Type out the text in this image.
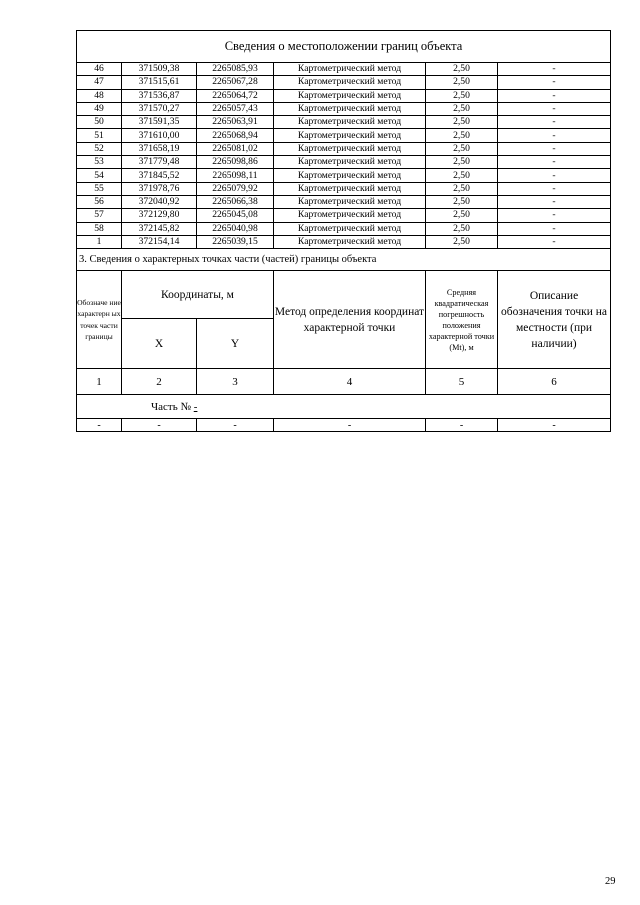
Сведения о местоположении границ объекта					
46	371509,38	2265085,93	Картометрический метод	2,50	-
47	371515,61	2265067,28	Картометрический метод	2,50	-
48	371536,87	2265064,72	Картометрический метод	2,50	-
49	371570,27	2265057,43	Картометрический метод	2,50	-
50	371591,35	2265063,91	Картометрический метод	2,50	-
51	371610,00	2265068,94	Картометрический метод	2,50	-
52	371658,19	2265081,02	Картометрический метод	2,50	-
53	371779,48	2265098,86	Картометрический метод	2,50	-
54	371845,52	2265098,11	Картометрический метод	2,50	-
55	371978,76	2265079,92	Картометрический метод	2,50	-
56	372040,92	2265066,38	Картометрический метод	2,50	-
57	372129,80	2265045,08	Картометрический метод	2,50	-
58	372145,82	2265040,98	Картометрический метод	2,50	-
1	372154,14	2265039,15	Картометрический метод	2,50	-
3. Сведения о характерных точках части (частей) границы объекта					
Обозначе ние характерн ых точек части границы	Координаты, м		Метод определения координат характерной точки	Средняя квадратическая погрешность положения характерной точки (Mt), м	Описание обозначения точки на местности (при наличии)
	X	Y			
1	2	3	4	5	6
Часть № -					
-	-	-	-	-	-
29
